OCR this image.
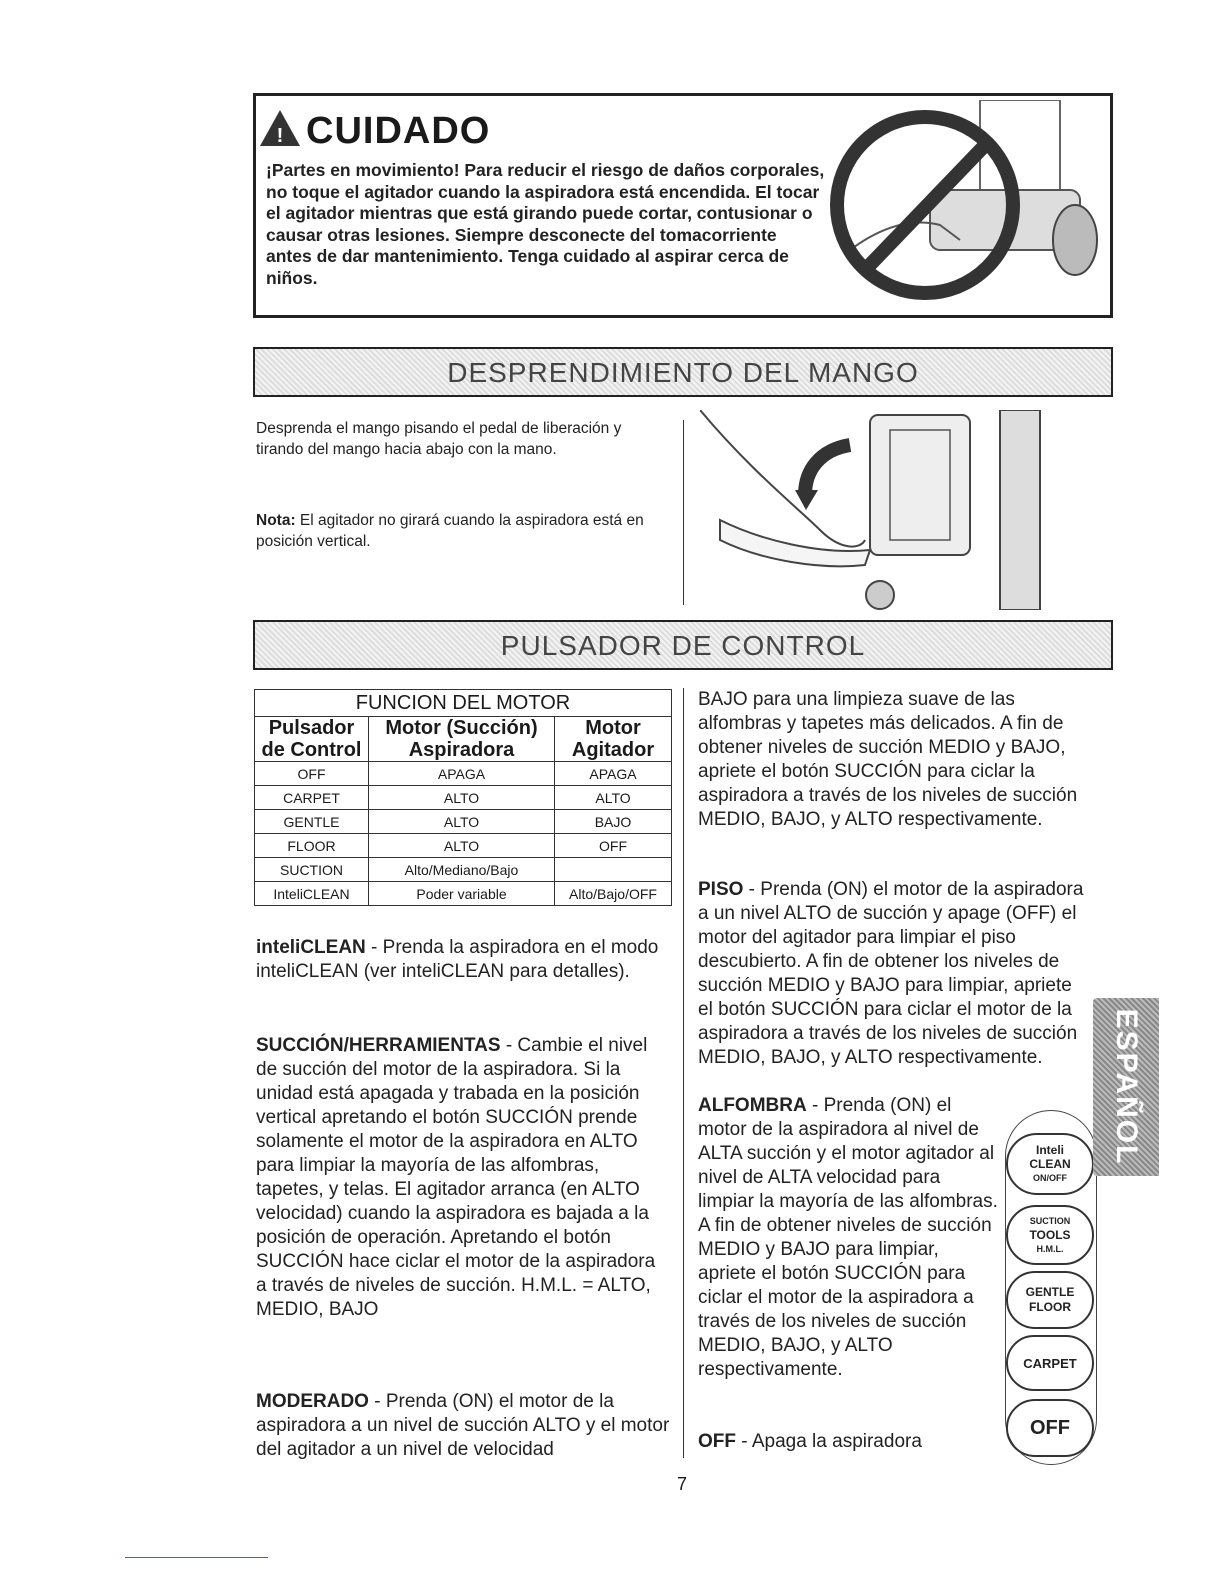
! CUIDADO
¡Partes en movimiento! Para reducir el riesgo de daños corporales, no toque el agitador cuando la aspiradora está encendida. El tocar el agitador mientras que está girando puede cortar, contusionar o causar otras lesiones. Siempre desconecte del tomacorriente antes de dar mantenimiento. Tenga cuidado al aspirar cerca de niños.
DESPRENDIMIENTO DEL MANGO
Desprenda el mango pisando el pedal de liberación y tirando del mango hacia abajo con la mano.
Nota: El agitador no girará cuando la aspiradora está en posición vertical.
PULSADOR DE CONTROL
FUNCION DEL MOTOR		
Pulsador de Control	Motor (Succión) Aspiradora	Motor Agitador
OFF	APAGA	APAGA
CARPET	ALTO	ALTO
GENTLE	ALTO	BAJO
FLOOR	ALTO	OFF
SUCTION	Alto/Mediano/Bajo	
InteliCLEAN	Poder variable	Alto/Bajo/OFF
inteliCLEAN - Prenda la aspiradora en el modo inteliCLEAN (ver inteliCLEAN para detalles).
SUCCIÓN/HERRAMIENTAS - Cambie el nivel de succión del motor de la aspiradora. Si la unidad está apagada y trabada en la posición vertical apretando el botón SUCCIÓN prende solamente el motor de la aspiradora en ALTO para limpiar la mayoría de las alfombras, tapetes, y telas. El agitador arranca (en ALTO velocidad) cuando la aspiradora es bajada a la posición de operación. Apretando el botón SUCCIÓN hace ciclar el motor de la aspiradora a través de niveles de succión. H.M.L. = ALTO, MEDIO, BAJO
MODERADO - Prenda (ON) el motor de la aspiradora a un nivel de succión ALTO y el motor del agitador a un nivel de velocidad
BAJO para una limpieza suave de las alfombras y tapetes más delicados. A fin de obtener niveles de succión MEDIO y BAJO, apriete el botón SUCCIÓN para ciclar la aspiradora a través de los niveles de succión MEDIO, BAJO, y ALTO respectivamente.
PISO - Prenda (ON) el motor de la aspiradora a un nivel ALTO de succión y apage (OFF) el motor del agitador para limpiar el piso descubierto. A fin de obtener los niveles de succión MEDIO y BAJO para limpiar, apriete el botón SUCCIÓN para ciclar el motor de la aspiradora a través de los niveles de succión MEDIO, BAJO, y ALTO respectivamente.
ALFOMBRA - Prenda (ON) el motor de la aspiradora al nivel de ALTA succión y el motor agitador al nivel de ALTA velocidad para limpiar la mayoría de las alfombras. A fin de obtener niveles de succión MEDIO y BAJO para limpiar, apriete el botón SUCCIÓN para ciclar el motor de la aspiradora a través de los niveles de succión MEDIO, BAJO, y ALTO respectivamente.
OFF - Apaga la aspiradora
Inteli
CLEAN
ON/OFF
SUCTION
TOOLS
H.M.L.
GENTLE
FLOOR
CARPET
OFF
ESPAÑOL
7
